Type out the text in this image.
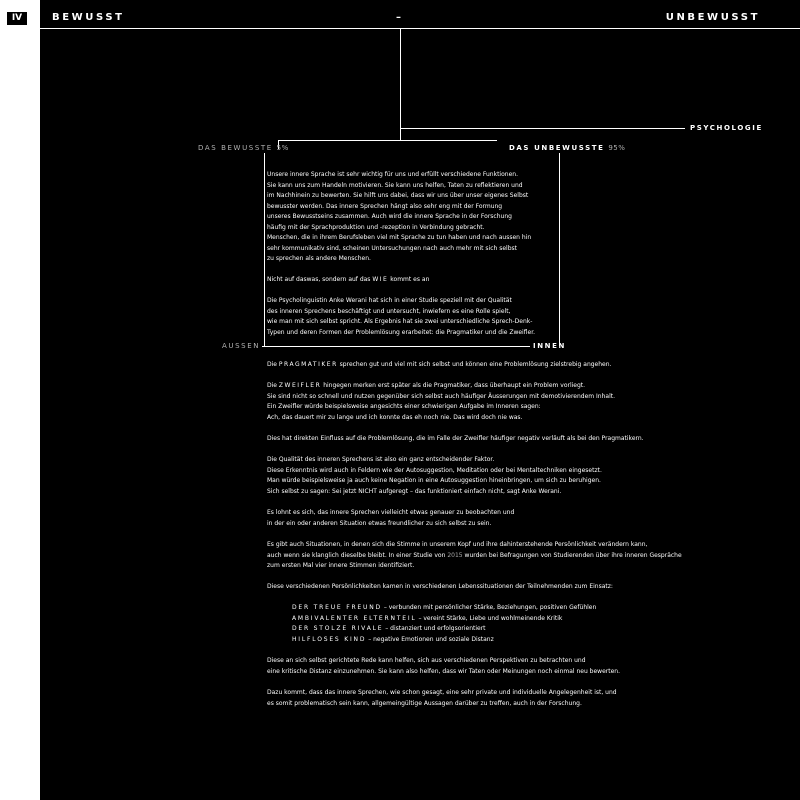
IV	BEWUSST	–	UNBEWUSST
PSYCHOLOGIE
DAS BEWUSSTE 5%	DAS UNBEWUSSTE 95%
AUSSEN	INNEN
Unsere innere Sprache ist sehr wichtig für uns und erfüllt verschiedene Funktionen.
Sie kann uns zum Handeln motivieren. Sie kann uns helfen, Taten zu reflektieren und
im Nachhinein zu bewerten. Sie hilft uns dabei, dass wir uns über unser eigenes Selbst
bewusster werden. Das innere Sprechen hängt also sehr eng mit der Formung
unseres Bewusstseins zusammen. Auch wird die innere Sprache in der Forschung
häufig mit der Sprachproduktion und -rezeption in Verbindung gebracht.
Menschen, die in ihrem Berufsleben viel mit Sprache zu tun haben und nach aussen hin
sehr kommunikativ sind, scheinen Untersuchungen nach auch mehr mit sich selbst
zu sprechen als andere Menschen.
Nicht auf daswas, sondern auf das WIE kommt es an
Die Psycholinguistin Anke Werani hat sich in einer Studie speziell mit der Qualität
des inneren Sprechens beschäftigt und untersucht, inwiefern es eine Rolle spielt,
wie man mit sich selbst spricht. Als Ergebnis hat sie zwei unterschiedliche Sprech-Denk-
Typen und deren Formen der Problemlösung erarbeitet: die Pragmatiker und die Zweifler.
Die PRAGMATIKER sprechen gut und viel mit sich selbst und können eine Problemlösung zielstrebig angehen.
Die ZWEIFLER hingegen merken erst später als die Pragmatiker, dass überhaupt ein Problem vorliegt.
Sie sind nicht so schnell und nutzen gegenüber sich selbst auch häufiger Äusserungen mit demotivierendem Inhalt.
Ein Zweifler würde beispielsweise angesichts einer schwierigen Aufgabe im Inneren sagen:
Ach, das dauert mir zu lange und ich konnte das eh noch nie. Das wird doch nie was.
Dies hat direkten Einfluss auf die Problemlösung, die im Falle der Zweifler häufiger negativ verläuft als bei den Pragmatikern.
Die Qualität des inneren Sprechens ist also ein ganz entscheidender Faktor.
Diese Erkenntnis wird auch in Feldern wie der Autosuggestion, Meditation oder bei Mentaltechniken eingesetzt.
Man würde beispielsweise ja auch keine Negation in eine Autosuggestion hineinbringen, um sich zu beruhigen.
Sich selbst zu sagen: Sei jetzt NICHT aufgeregt – das funktioniert einfach nicht, sagt Anke Werani.
Es lohnt es sich, das innere Sprechen vielleicht etwas genauer zu beobachten und
in der ein oder anderen Situation etwas freundlicher zu sich selbst zu sein.
Es gibt auch Situationen, in denen sich die Stimme in unserem Kopf und ihre dahinterstehende Persönlichkeit verändern kann,
auch wenn sie klanglich dieselbe bleibt. In einer Studie von 2015 wurden bei Befragungen von Studierenden über ihre inneren Gespräche
zum ersten Mal vier innere Stimmen identifiziert.
Diese verschiedenen Persönlichkeiten kamen in verschiedenen Lebenssituationen der Teilnehmenden zum Einsatz:
DER TREUE FREUND – verbunden mit persönlicher Stärke, Beziehungen, positiven Gefühlen
AMBIVALENTER ELTERNTEIL – vereint Stärke, Liebe und wohlmeinende Kritik
DER STOLZE RIVALE – distanziert und erfolgsorientiert
HILFLOSES KIND – negative Emotionen und soziale Distanz
Diese an sich selbst gerichtete Rede kann helfen, sich aus verschiedenen Perspektiven zu betrachten und
eine kritische Distanz einzunehmen. Sie kann also helfen, dass wir Taten oder Meinungen noch einmal neu bewerten.
Dazu kommt, dass das innere Sprechen, wie schon gesagt, eine sehr private und individuelle Angelegenheit ist, und
es somit problematisch sein kann, allgemeingültige Aussagen darüber zu treffen, auch in der Forschung.
